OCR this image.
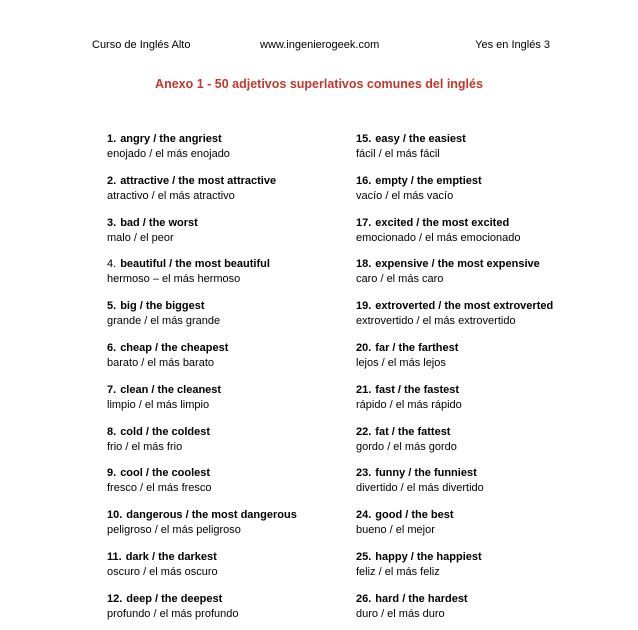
Curso de Inglés Alto	www.ingenierogeek.com	Yes en Inglés 3
Anexo 1 - 50 adjetivos superlativos comunes del inglés
1. angry / the angriest
enojado / el más enojado
2. attractive / the most attractive
atractivo / el más atractivo
3. bad / the worst
malo / el peor
4. beautiful / the most beautiful
hermoso – el más hermoso
5. big / the biggest
grande / el más grande
6. cheap / the cheapest
barato / el más barato
7. clean / the cleanest
limpio / el más limpio
8. cold / the coldest
frio / el más frio
9. cool / the coolest
fresco / el más fresco
10. dangerous / the most dangerous
peligroso / el más peligroso
11. dark / the darkest
oscuro / el más oscuro
12. deep / the deepest
profundo / el más profundo
15. easy / the easiest
fácil / el más fácil
16. empty / the emptiest
vacío / el más vacío
17. excited / the most excited
emocionado / el más emocionado
18. expensive / the most expensive
caro / el más caro
19. extroverted / the most extroverted
extrovertido / el más extrovertido
20. far / the farthest
lejos / el más lejos
21. fast / the fastest
rápido / el más rápido
22. fat / the fattest
gordo / el más gordo
23. funny / the funniest
divertido / el más divertido
24. good / the best
bueno / el mejor
25. happy / the happiest
feliz / el más feliz
26. hard / the hardest
duro / el más duro
